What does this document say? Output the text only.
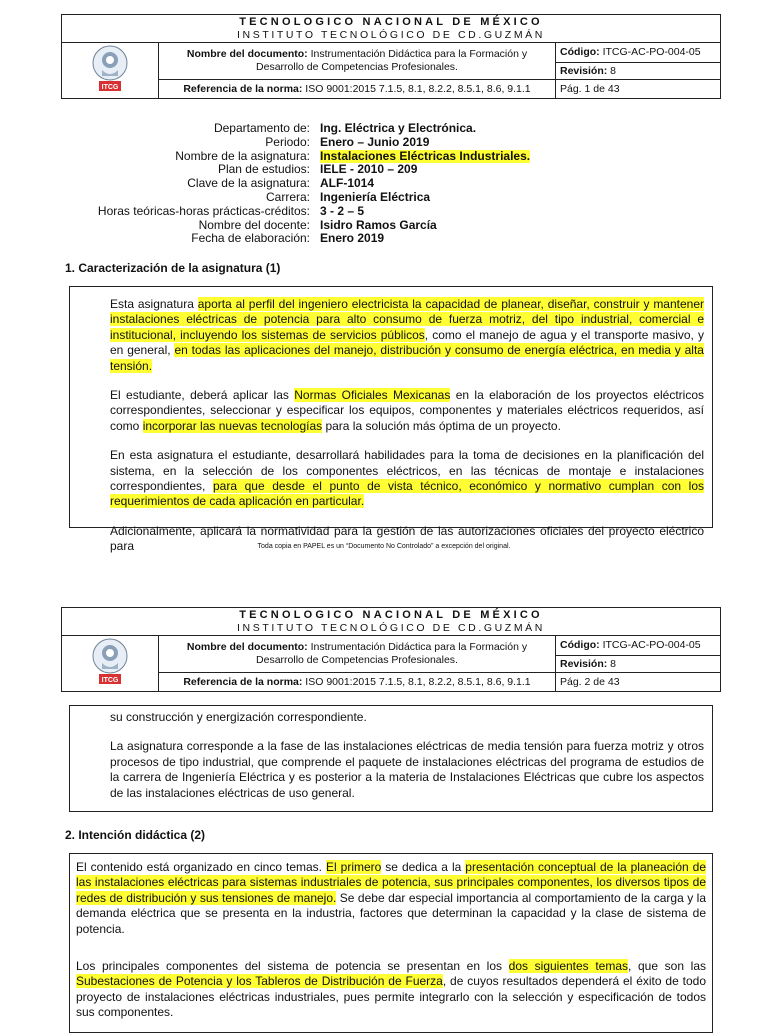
TECNOLOGICO NACIONAL DE MÉXICO
INSTITUTO TECNOLÓGICO DE CD.GUZMÁN		

ITCG	Nombre del documento: Instrumentación Didáctica para la Formación y Desarrollo de Competencias Profesionales.	Código: ITCG-AC-PO-004-05
		Revisión: 8
	Referencia de la norma: ISO 9001:2015 7.1.5, 8.1, 8.2.2, 8.5.1, 8.6, 9.1.1	Pág. 1 de 43
Departamento de: Ing. Eléctrica y Electrónica.
Periodo: Enero – Junio 2019
Nombre de la asignatura: Instalaciones Eléctricas Industriales.
Plan de estudios: IELE - 2010 – 209
Clave de la asignatura: ALF-1014
Carrera: Ingeniería Eléctrica
Horas teóricas-horas prácticas-créditos: 3 - 2 – 5
Nombre del docente: Isidro Ramos García
Fecha de elaboración: Enero 2019
1. Caracterización de la asignatura (1)

Esta asignatura aporta al perfil del ingeniero electricista la capacidad de planear, diseñar, construir y mantener instalaciones eléctricas de potencia para alto consumo de fuerza motriz, del tipo industrial, comercial e institucional, incluyendo los sistemas de servicios públicos, como el manejo de agua y el transporte masivo, y en general, en todas las aplicaciones del manejo, distribución y consumo de energía eléctrica, en media y alta tensión.

El estudiante, deberá aplicar las Normas Oficiales Mexicanas en la elaboración de los proyectos eléctricos correspondientes, seleccionar y especificar los equipos, componentes y materiales eléctricos requeridos, así como incorporar las nuevas tecnologías para la solución más óptima de un proyecto.

En esta asignatura el estudiante, desarrollará habilidades para la toma de decisiones en la planificación del sistema, en la selección de los componentes eléctricos, en las técnicas de montaje e instalaciones correspondientes, para que desde el punto de vista técnico, económico y normativo cumplan con los requerimientos de cada aplicación en particular.

Adicionalmente, aplicará la normatividad para la gestión de las autorizaciones oficiales del proyecto eléctrico para	Toda copia en PAPEL es un “Documento No Controlado” a excepción del original.
TECNOLOGICO NACIONAL DE MÉXICO
INSTITUTO TECNOLÓGICO DE CD.GUZMÁN		

ITCG	Nombre del documento: Instrumentación Didáctica para la Formación y Desarrollo de Competencias Profesionales.	Código: ITCG-AC-PO-004-05
		Revisión: 8
	Referencia de la norma: ISO 9001:2015 7.1.5, 8.1, 8.2.2, 8.5.1, 8.6, 9.1.1	Pág. 2 de 43

su construcción y energización correspondiente.

La asignatura corresponde a la fase de las instalaciones eléctricas de media tensión para fuerza motriz y otros procesos de tipo industrial, que comprende el paquete de instalaciones eléctricas del programa de estudios de la carrera de Ingeniería Eléctrica y es posterior a la materia de Instalaciones Eléctricas que cubre los aspectos de las instalaciones eléctricas de uso general.

2. Intención didáctica (2)

El contenido está organizado en cinco temas. El primero se dedica a la presentación conceptual de la planeación de las instalaciones eléctricas para sistemas industriales de potencia, sus principales componentes, los diversos tipos de redes de distribución y sus tensiones de manejo. Se debe dar especial importancia al comportamiento de la carga y la demanda eléctrica que se presenta en la industria, factores que determinan la capacidad y la clase de sistema de potencia.

Los principales componentes del sistema de potencia se presentan en los dos siguientes temas, que son las Subestaciones de Potencia y los Tableros de Distribución de Fuerza, de cuyos resultados dependerá el éxito de todo proyecto de instalaciones eléctricas industriales, pues permite integrarlo con la selección y especificación de todos sus componentes.
